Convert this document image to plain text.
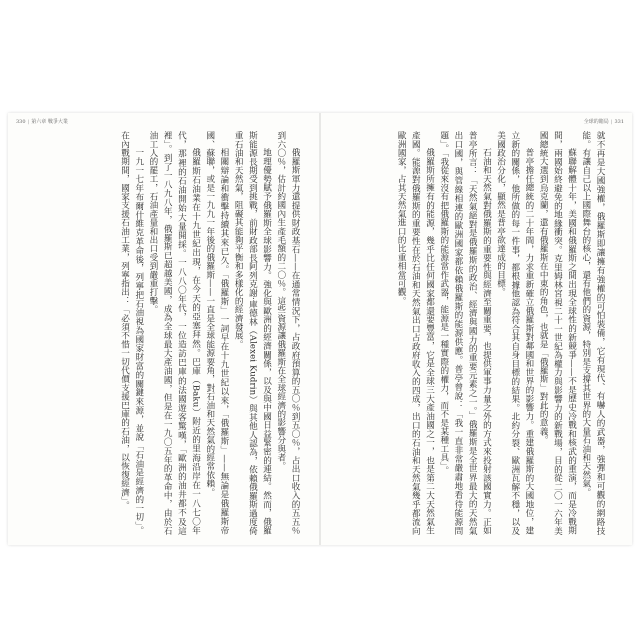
330 | 第六章 戰爭大業

俄羅斯軍力還提供財政基石——在通常情況下，占政府預算的五〇％到五〇％，占出口收入的五五％到六〇％，估計約國內生產毛額的二〇％。這些資源讓俄羅斯在全球經濟的影響分與者。

地理優勢賦予俄羅斯全球影響力。強化與歐洲的經濟關係，以及與中國日益緊密的連結。然而，俄羅斯能源長期受到挑戰，前財政部長阿列克謝·庫德林（Alexei Kudrin）與其他人認為，依賴俄羅斯過度倚重石油和天然氣，阻礙其能夠平衡和多樣化的經濟發展。

相關辯論和衝擊持續其來已久。「俄羅斯」一詞早在十九世紀以來，「俄羅斯」——無論是俄羅斯帝國、蘇聯，或是一九九一年後的俄羅斯——一直是全球能源要角，對石油和天然氣的經常依賴。

俄羅斯石油業在十九世紀出現，在今天的亞塞拜然。巴庫（Baku）附近的里海沿岸在一八七〇年代，那裡的石油開始大量開採。一八八〇年代，一位造訪巴庫的法國遊客驚嘆，「歐洲的油井都不及這裡」。到了一八九八年，俄羅斯已超越美國，成為全球最大產油國，但是在一九〇五年的革命中，由於石油工人的罷工，石油產量和出口受到嚴重打擊。

一九一七年布爾什維克革命後，列寧把石油視為國家財富的關鍵來源，並說「石油是經濟的一切」。在內戰期間，國家支援石油工業，列寧指出：「必須不惜一切代價支援巴庫的石油，以恢復經濟」。

全球的賭局 | 331

就不再是大國強權，俄羅斯即讓擁有強權的可怕裝備，它有現代、有嚇人的武器，強彈和可觀的網路技能。有讓自己以上國際舞台的核心，還有他們的資源，特別是支撐其世界的大量石油和天然氣。

蘇聯解體十年，美國和俄羅斯之間出現全球性的新競爭——不是歷史冷戰和核武的重演，而是冷戰期間，兩國始終避免的地緣衝突。克里姆林宮視二十一世紀為權力與影響力的新戰場，目的從二〇一六年美國總統大選到烏克蘭，還有俄羅斯在中東的角色，也就是「俄羅斯」對此的意義。

普亭擔任總統的二十年間，力求重新確立俄羅斯對鄰國和世界的影響力。重建俄羅斯的大國地位，建立新的關係，他所做的每一件事，都根據他認為符合其自身目標的結果。北約分裂、歐洲瓦解不穩，以及美國政治分化，顯然是普亭欲達成的目標。

石油和天然氣對俄羅斯的重要性與經濟至關重要，也提供軍事力量之外的方式來投射該國實力。正如普亭所言：「天然氣絕對是俄羅斯的政治、經濟與國力的重要元素之一。」俄羅斯是全世界最大的天然氣出口國，與管線相連的歐洲國家都依賴俄羅斯的能源供應。普亭曾說：「我一直非常嚴肅地看待能源問題」。「我從來沒有把俄羅斯的能源當作武器，能源是一種實際的權力，而不是某種工具」。

俄羅斯所擁有的能源，幾乎比任何國家都還要豐富，它是全球三大產油國之一，也是第二大天然氣生產國。能源對俄羅斯的重要性在於石油和天然氣出口占政府收入的四成，出口的石油和天然氣幾乎都流向歐洲國家，占其天然氣進口的比重相當可觀。
